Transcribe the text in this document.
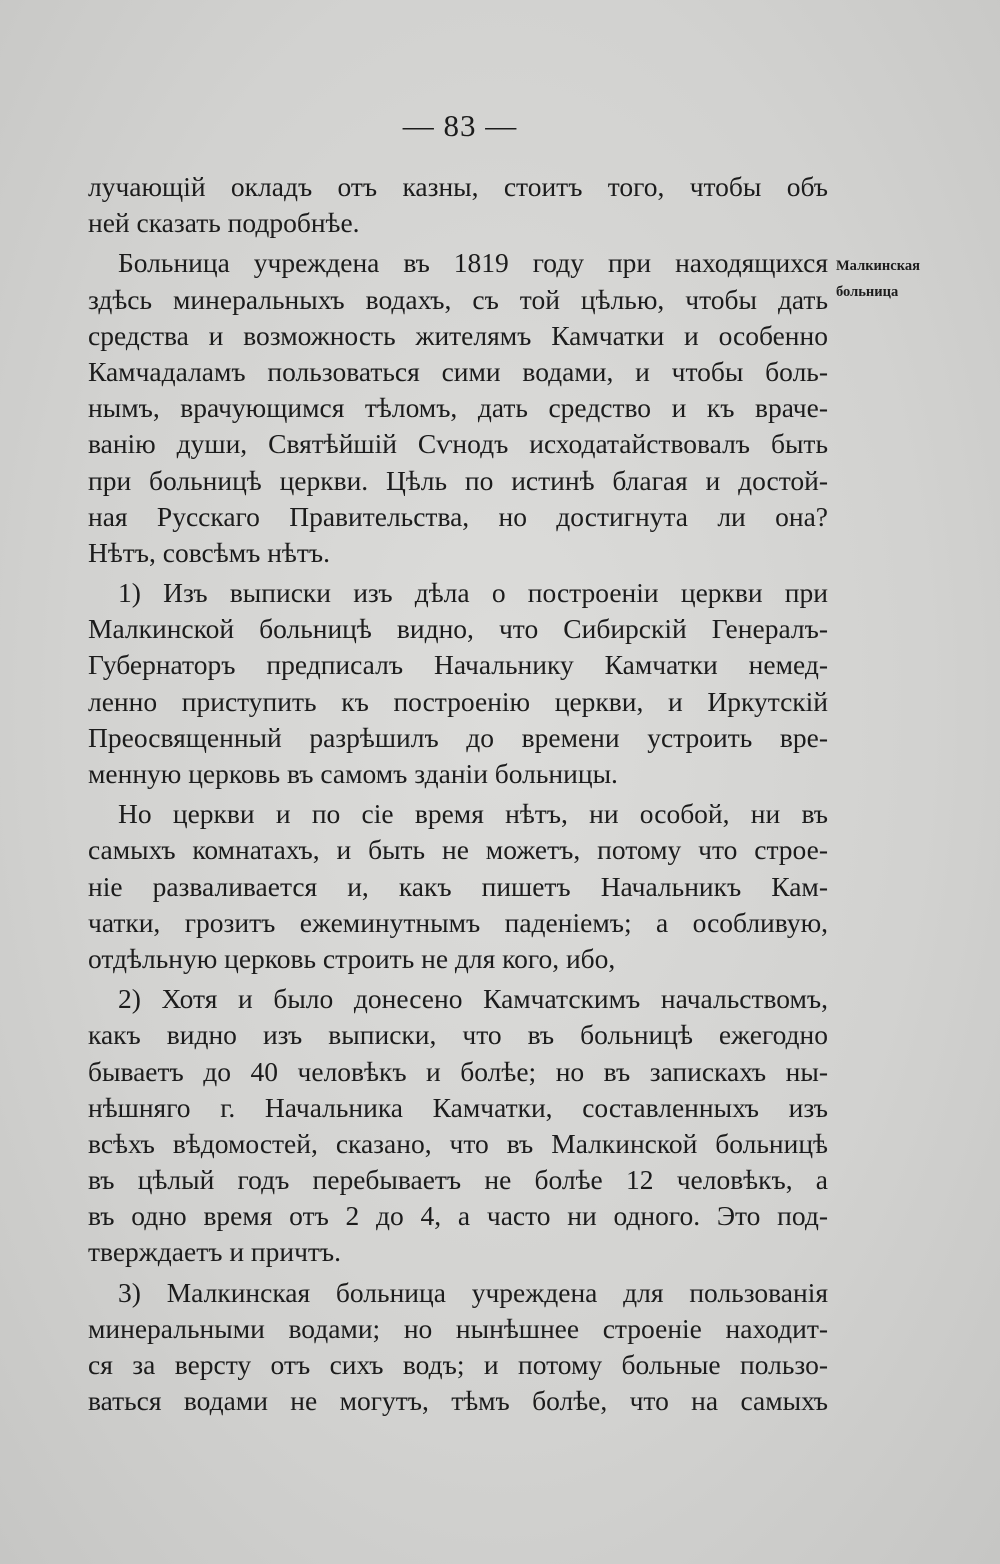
— 83 —
Малкинская
больница
лучающій окладъ отъ казны, стоитъ того, чтобы объ
ней сказать подробнѣе.
Больница учреждена въ 1819 году при находящихся
здѣсь минеральныхъ водахъ, съ той цѣлью, чтобы дать
средства и возможность жителямъ Камчатки и особенно
Камчадаламъ пользоваться сими водами, и чтобы боль-
нымъ, врачующимся тѣломъ, дать средство и къ враче-
ванію души, Святѣйшій Сѵнодъ исходатайствовалъ быть
при больницѣ церкви. Цѣль по истинѣ благая и достой-
ная Русскаго Правительства, но достигнута ли она?
Нѣтъ, совсѣмъ нѣтъ.
1) Изъ выписки изъ дѣла о построеніи церкви при
Малкинской больницѣ видно, что Сибирскій Генералъ-
Губернаторъ предписалъ Начальнику Камчатки немед-
ленно приступить къ построенію церкви, и Иркутскій
Преосвященный разрѣшилъ до времени устроить вре-
менную церковь въ самомъ зданіи больницы.
Но церкви и по сіе время нѣтъ, ни особой, ни въ
самыхъ комнатахъ, и быть не можетъ, потому что строе-
ніе разваливается и, какъ пишетъ Начальникъ Кам-
чатки, грозитъ ежеминутнымъ паденіемъ; а особливую,
отдѣльную церковь строить не для кого, ибо,
2) Хотя и было донесено Камчатскимъ начальствомъ,
какъ видно изъ выписки, что въ больницѣ ежегодно
бываетъ до 40 человѣкъ и болѣе; но въ запискахъ ны-
нѣшняго г. Начальника Камчатки, составленныхъ изъ
всѣхъ вѣдомостей, сказано, что въ Малкинской больницѣ
въ цѣлый годъ перебываетъ не болѣе 12 человѣкъ, а
въ одно время отъ 2 до 4, а часто ни одного. Это под-
тверждаетъ и причтъ.
3) Малкинская больница учреждена для пользованія
минеральными водами; но нынѣшнее строеніе находит-
ся за версту отъ сихъ водъ; и потому больные пользо-
ваться водами не могутъ, тѣмъ болѣе, что на самыхъ
